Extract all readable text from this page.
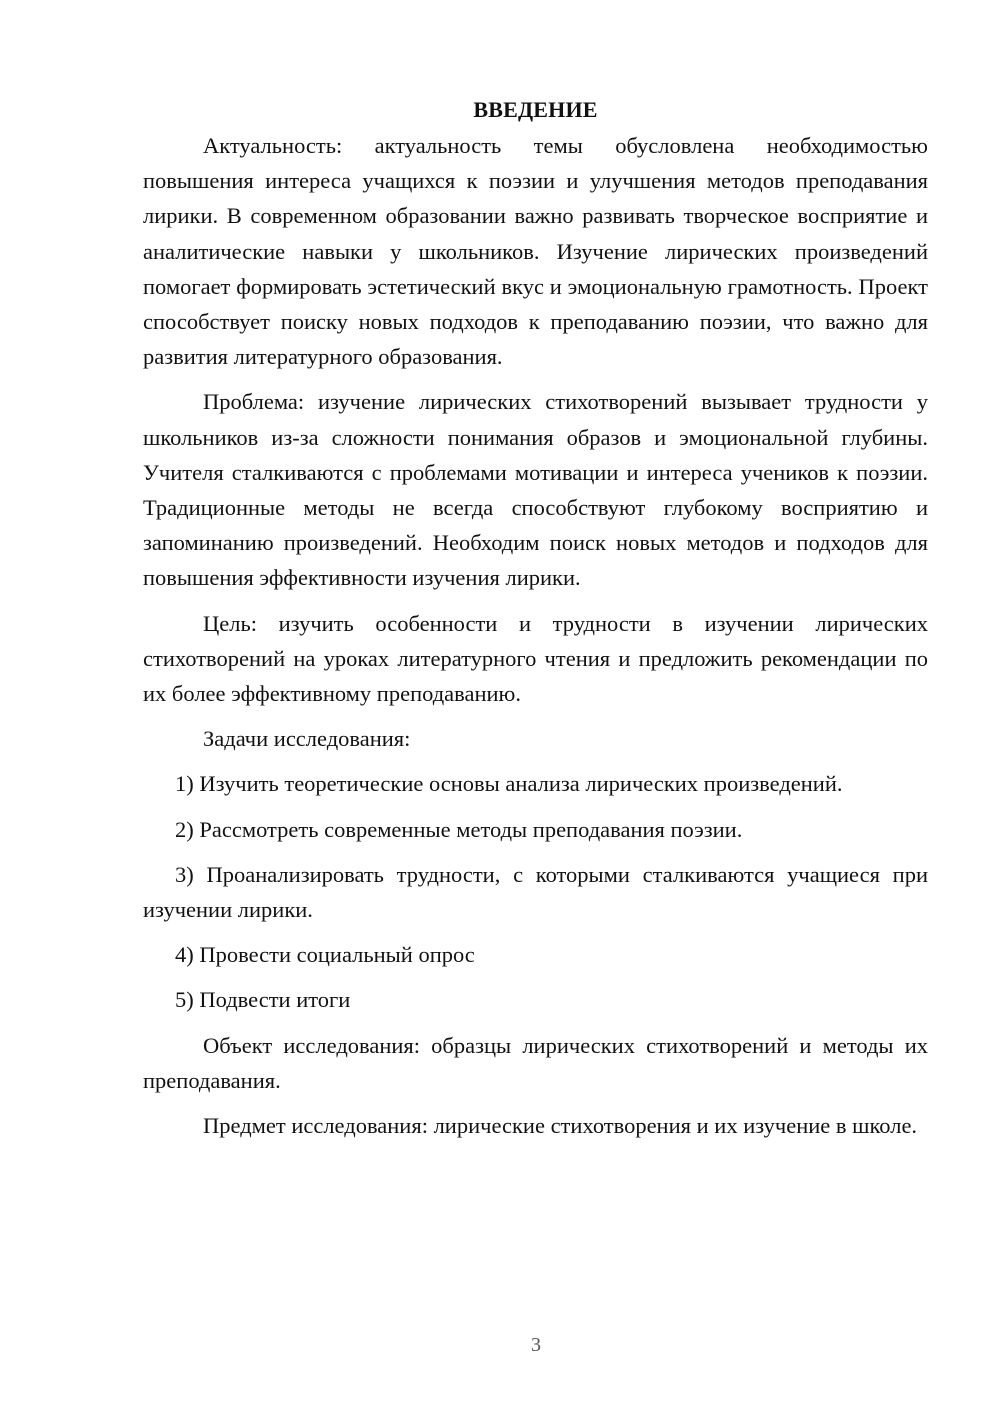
ВВЕДЕНИЕ

Актуальность: актуальность темы обусловлена необходимостью повышения интереса учащихся к поэзии и улучшения методов преподавания лирики. В современном образовании важно развивать творческое восприятие и аналитические навыки у школьников. Изучение лирических произведений помогает формировать эстетический вкус и эмоциональную грамотность. Проект способствует поиску новых подходов к преподаванию поэзии, что важно для развития литературного образования.

Проблема: изучение лирических стихотворений вызывает трудности у школьников из-за сложности понимания образов и эмоциональной глубины. Учителя сталкиваются с проблемами мотивации и интереса учеников к поэзии. Традиционные методы не всегда способствуют глубокому восприятию и запоминанию произведений. Необходим поиск новых методов и подходов для повышения эффективности изучения лирики.

Цель: изучить особенности и трудности в изучении лирических стихотворений на уроках литературного чтения и предложить рекомендации по их более эффективному преподаванию.

Задачи исследования:

1) Изучить теоретические основы анализа лирических произведений.

2) Рассмотреть современные методы преподавания поэзии.

3) Проанализировать трудности, с которыми сталкиваются учащиеся при изучении лирики.

4) Провести социальный опрос

5) Подвести итоги

Объект исследования: образцы лирических стихотворений и методы их преподавания.

Предмет исследования: лирические стихотворения и их изучение в школе.

3
